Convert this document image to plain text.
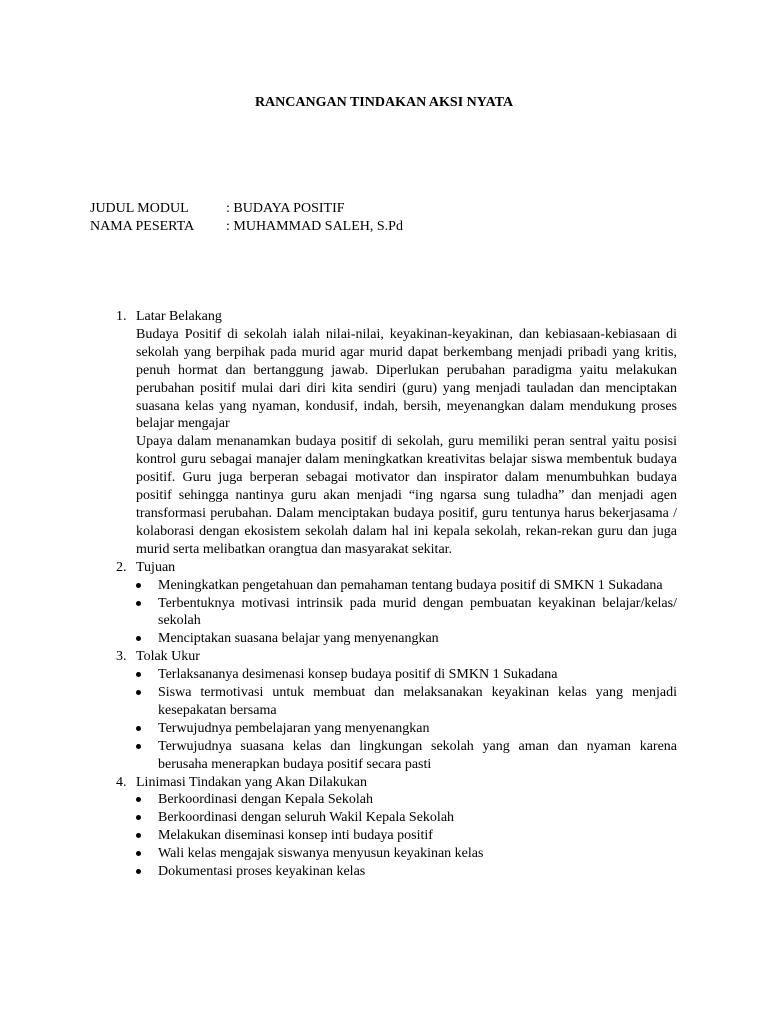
RANCANGAN TINDAKAN AKSI NYATA
JUDUL MODUL	: BUDAYA POSITIF
NAMA PESERTA	: MUHAMMAD SALEH, S.Pd
1. Latar Belakang

Budaya Positif di sekolah ialah nilai-nilai, keyakinan-keyakinan, dan kebiasaan-kebiasaan di sekolah yang berpihak pada murid agar murid dapat berkembang menjadi pribadi yang kritis, penuh hormat dan bertanggung jawab. Diperlukan perubahan paradigma yaitu melakukan perubahan positif mulai dari diri kita sendiri (guru) yang menjadi tauladan dan menciptakan suasana kelas yang nyaman, kondusif, indah, bersih, meyenangkan dalam mendukung proses belajar mengajar

Upaya dalam menanamkan budaya positif di sekolah, guru memiliki peran sentral yaitu posisi kontrol guru sebagai manajer dalam meningkatkan kreativitas belajar siswa membentuk budaya positif. Guru juga berperan sebagai motivator dan inspirator dalam menumbuhkan budaya positif sehingga nantinya guru akan menjadi “ing ngarsa sung tuladha” dan menjadi agen transformasi perubahan. Dalam menciptakan budaya positif, guru tentunya harus bekerjasama / kolaborasi dengan ekosistem sekolah dalam hal ini kepala sekolah, rekan-rekan guru dan juga murid serta melibatkan orangtua dan masyarakat sekitar.

2. Tujuan
Meningkatkan pengetahuan dan pemahaman tentang budaya positif di SMKN 1 Sukadana
Terbentuknya motivasi intrinsik pada murid dengan pembuatan keyakinan belajar/kelas/ sekolah
Menciptakan suasana belajar yang menyenangkan
3. Tolak Ukur
Terlaksananya desimenasi konsep budaya positif di SMKN 1 Sukadana
Siswa termotivasi untuk membuat dan melaksanakan keyakinan kelas yang menjadi kesepakatan bersama
Terwujudnya pembelajaran yang menyenangkan
Terwujudnya suasana kelas dan lingkungan sekolah yang aman dan nyaman karena berusaha menerapkan budaya positif secara pasti
4. Linimasi Tindakan yang Akan Dilakukan
Berkoordinasi dengan Kepala Sekolah
Berkoordinasi dengan seluruh Wakil Kepala Sekolah
Melakukan diseminasi konsep inti budaya positif
Wali kelas mengajak siswanya menyusun keyakinan kelas
Dokumentasi proses keyakinan kelas
